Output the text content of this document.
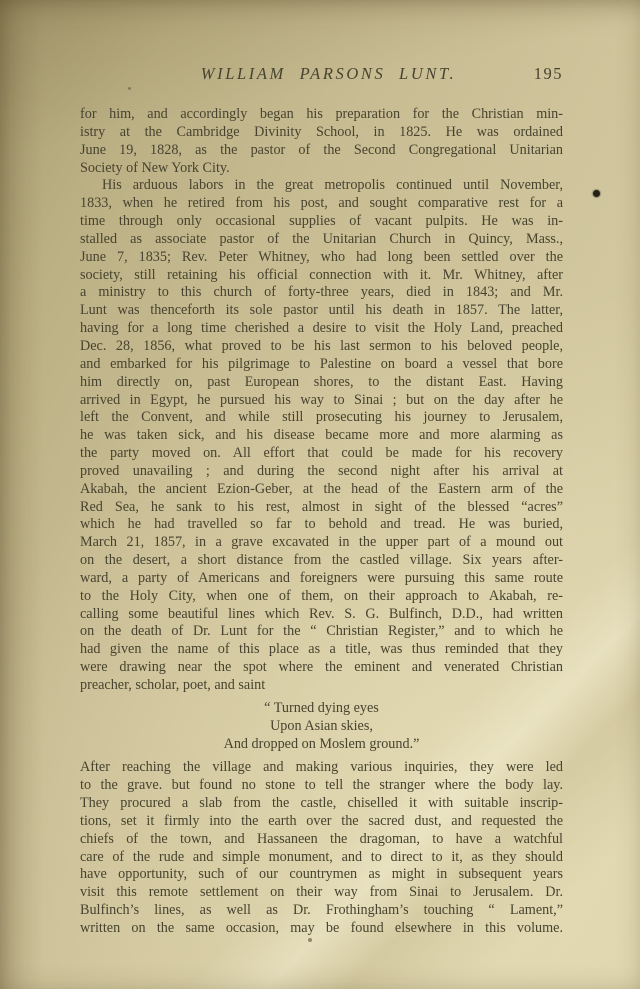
WILLIAM PARSONS LUNT.	195
for him, and accordingly began his preparation for the Christian min-
istry at the Cambridge Divinity School, in 1825. He was ordained
June 19, 1828, as the pastor of the Second Congregational Unitarian
Society of New York City.
His arduous labors in the great metropolis continued until November,
1833, when he retired from his post, and sought comparative rest for a
time through only occasional supplies of vacant pulpits. He was in-
stalled as associate pastor of the Unitarian Church in Quincy, Mass.,
June 7, 1835; Rev. Peter Whitney, who had long been settled over the
society, still retaining his official connection with it. Mr. Whitney, after
a ministry to this church of forty-three years, died in 1843; and Mr.
Lunt was thenceforth its sole pastor until his death in 1857. The latter,
having for a long time cherished a desire to visit the Holy Land, preached
Dec. 28, 1856, what proved to be his last sermon to his beloved people,
and embarked for his pilgrimage to Palestine on board a vessel that bore
him directly on, past European shores, to the distant East. Having
arrived in Egypt, he pursued his way to Sinai ; but on the day after he
left the Convent, and while still prosecuting his journey to Jerusalem,
he was taken sick, and his disease became more and more alarming as
the party moved on. All effort that could be made for his recovery
proved unavailing ; and during the second night after his arrival at
Akabah, the ancient Ezion-Geber, at the head of the Eastern arm of the
Red Sea, he sank to his rest, almost in sight of the blessed “acres”
which he had travelled so far to behold and tread. He was buried,
March 21, 1857, in a grave excavated in the upper part of a mound out
on the desert, a short distance from the castled village. Six years after-
ward, a party of Americans and foreigners were pursuing this same route
to the Holy City, when one of them, on their approach to Akabah, re-
calling some beautiful lines which Rev. S. G. Bulfinch, D.D., had written
on the death of Dr. Lunt for the “ Christian Register,” and to which he
had given the name of this place as a title, was thus reminded that they
were drawing near the spot where the eminent and venerated Christian
preacher, scholar, poet, and saint
“ Turned dying eyes
Upon Asian skies,
And dropped on Moslem ground.”
After reaching the village and making various inquiries, they were led
to the grave. but found no stone to tell the stranger where the body lay.
They procured a slab from the castle, chiselled it with suitable inscrip-
tions, set it firmly into the earth over the sacred dust, and requested the
chiefs of the town, and Hassaneen the dragoman, to have a watchful
care of the rude and simple monument, and to direct to it, as they should
have opportunity, such of our countrymen as might in subsequent years
visit this remote settlement on their way from Sinai to Jerusalem. Dr.
Bulfinch’s lines, as well as Dr. Frothingham’s touching “ Lament,”
written on the same occasion, may be found elsewhere in this volume.
